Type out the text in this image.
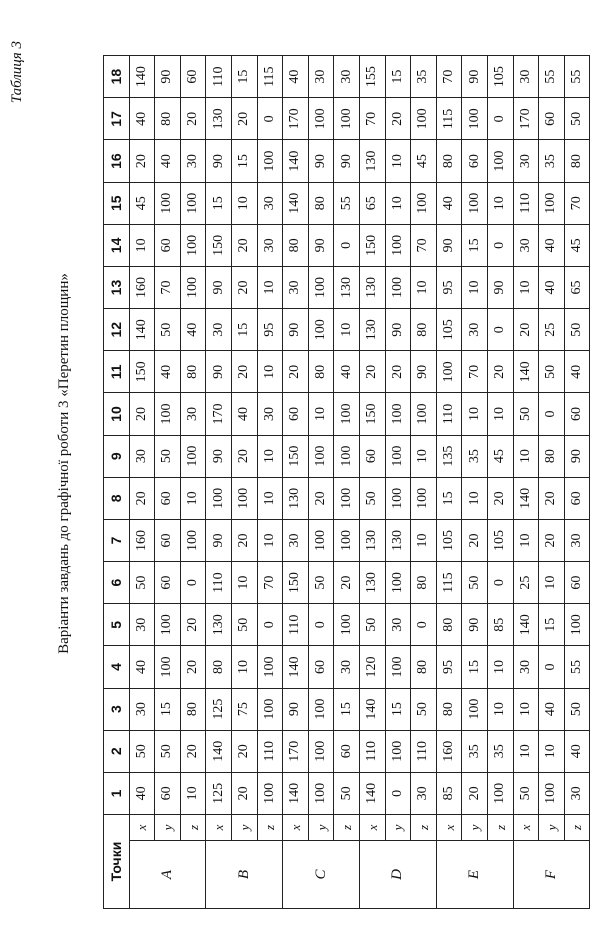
Таблиця 3
Варіанти завдань до графічної роботи 3 «Перетин площин»
Точки		1	2	3	4	5	6	7	8	9	10	11	12	13	14	15	16	17	18
A	x	40	50	30	40	30	50	160	20	30	20	150	140	160	10	45	20	40	140
	y	60	50	15	100	100	60	60	60	50	100	40	50	70	60	100	40	80	90
	z	10	20	80	20	20	0	100	10	100	30	80	40	100	100	100	30	20	60
B	x	125	140	125	80	130	110	90	100	90	170	90	30	90	150	15	90	130	110
	y	20	20	75	10	50	10	20	100	20	40	20	15	20	20	10	15	20	15
	z	100	110	100	100	0	70	10	10	10	30	10	95	10	30	30	100	0	115
C	x	140	170	90	140	110	150	30	130	150	60	20	90	30	80	140	140	170	40
	y	100	100	100	60	0	50	100	20	100	10	80	100	100	90	80	90	100	30
	z	50	60	15	30	100	20	100	100	100	100	40	10	130	0	55	90	100	30
D	x	140	110	140	120	50	130	130	50	60	150	20	130	130	150	65	130	70	155
	y	0	100	15	100	30	100	130	100	100	100	20	90	100	100	10	10	20	15
	z	30	110	50	80	0	80	10	100	10	100	90	80	10	70	100	45	100	35
E	x	85	160	80	95	80	115	105	15	135	110	100	105	95	90	40	80	115	70
	y	20	35	100	15	90	50	20	10	35	10	70	30	10	15	100	60	100	90
	z	100	35	10	10	85	0	105	20	45	10	20	0	90	0	10	100	0	105
F	x	50	10	10	30	140	25	10	140	10	50	140	20	10	30	110	30	170	30
	y	100	10	40	0	15	10	20	20	80	0	50	25	40	40	100	35	60	55
	z	30	40	50	55	100	60	30	60	90	60	40	50	65	45	70	80	50	55
